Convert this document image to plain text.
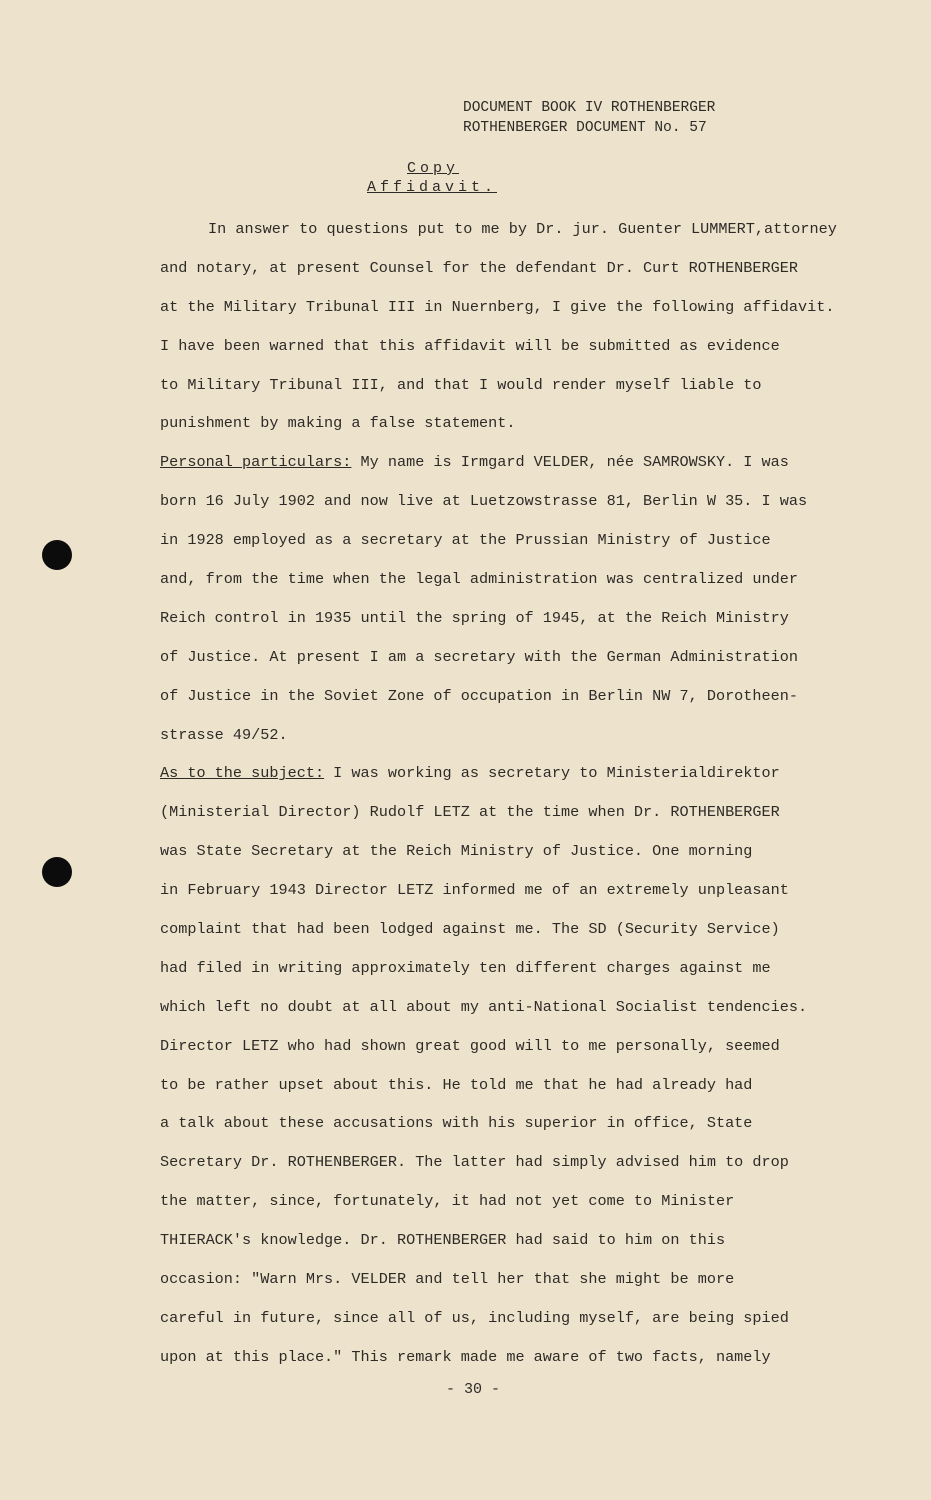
DOCUMENT BOOK IV ROTHENBERGER
ROTHENBERGER DOCUMENT No. 57
Copy
Affidavit.
In answer to questions put to me by Dr. jur. Guenter LUMMERT,attorney
and notary, at present Counsel for the defendant Dr. Curt ROTHENBERGER
at the Military Tribunal III in Nuernberg, I give the following affidavit.
I have been warned that this affidavit will be submitted as evidence
to Military Tribunal III, and that I would render myself liable to
punishment by making a false statement.
Personal particulars: My name is Irmgard VELDER, née SAMROWSKY. I was
born 16 July 1902 and now live at Luetzowstrasse 81, Berlin W 35. I was
in 1928 employed as a secretary at the Prussian Ministry of Justice
and, from the time when the legal administration was centralized under
Reich control in 1935 until the spring of 1945, at the Reich Ministry
of Justice. At present I am a secretary with the German Administration
of Justice in the Soviet Zone of occupation in Berlin NW 7, Dorotheen-
strasse 49/52.
As to the subject: I was working as secretary to Ministerialdirektor
(Ministerial Director) Rudolf LETZ at the time when Dr. ROTHENBERGER
was State Secretary at the Reich Ministry of Justice. One morning
in February 1943 Director LETZ informed me of an extremely unpleasant
complaint that had been lodged against me. The SD (Security Service)
had filed in writing approximately ten different charges against me
which left no doubt at all about my anti-National Socialist tendencies.
Director LETZ who had shown great good will to me personally, seemed
to be rather upset about this. He told me that he had already had
a talk about these accusations with his superior in office, State
Secretary Dr. ROTHENBERGER. The latter had simply advised him to drop
the matter, since, fortunately, it had not yet come to Minister
THIERACK's knowledge. Dr. ROTHENBERGER had said to him on this
occasion: "Warn Mrs. VELDER and tell her that she might be more
careful in future, since all of us, including myself, are being spied
upon at this place." This remark made me aware of two facts, namely
- 30 -
